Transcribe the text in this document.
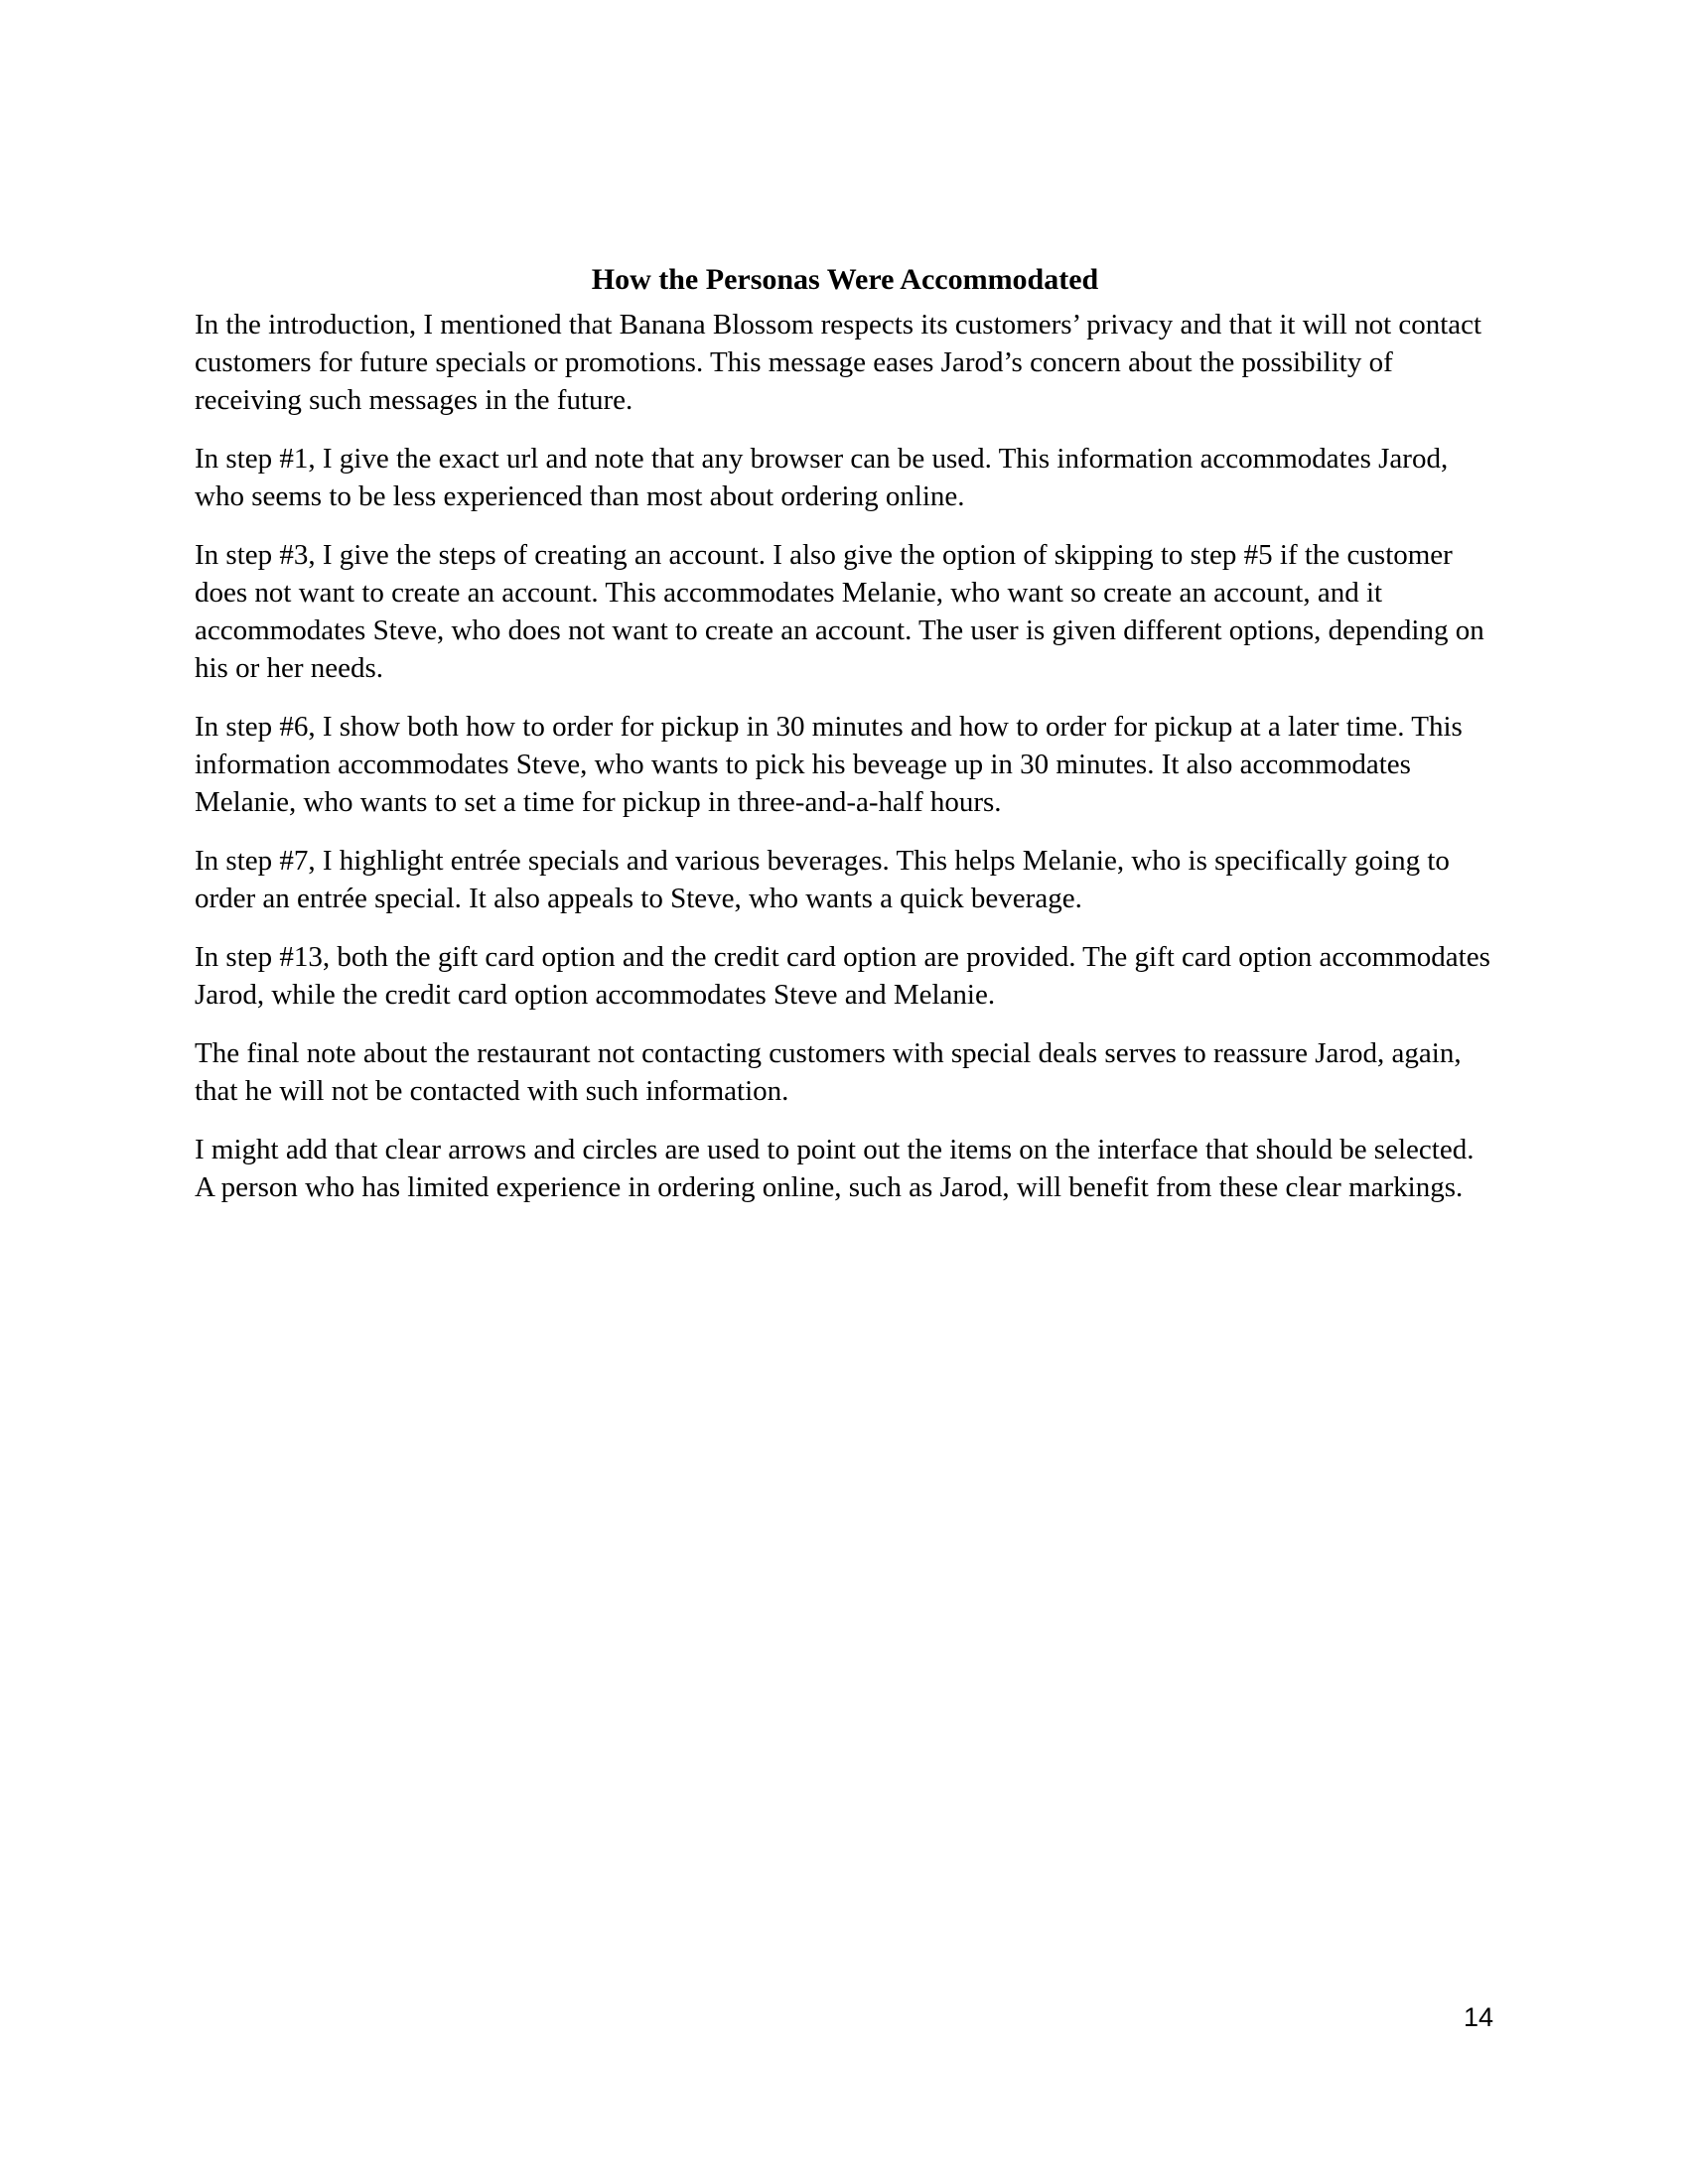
How the Personas Were Accommodated

In the introduction, I mentioned that Banana Blossom respects its customers’ privacy and that it will not contact customers for future specials or promotions. This message eases Jarod’s concern about the possibility of receiving such messages in the future.

In step #1, I give the exact url and note that any browser can be used. This information accommodates Jarod, who seems to be less experienced than most about ordering online.

In step #3, I give the steps of creating an account. I also give the option of skipping to step #5 if the customer does not want to create an account. This accommodates Melanie, who want so create an account, and it accommodates Steve, who does not want to create an account. The user is given different options, depending on his or her needs.

In step #6, I show both how to order for pickup in 30 minutes and how to order for pickup at a later time. This information accommodates Steve, who wants to pick his beveage up in 30 minutes. It also accommodates Melanie, who wants to set a time for pickup in three-and-a-half hours.

In step #7, I highlight entrée specials and various beverages. This helps Melanie, who is specifically going to order an entrée special. It also appeals to Steve, who wants a quick beverage.

In step #13, both the gift card option and the credit card option are provided. The gift card option accommodates Jarod, while the credit card option accommodates Steve and Melanie.

The final note about the restaurant not contacting customers with special deals serves to reassure Jarod, again, that he will not be contacted with such information.

I might add that clear arrows and circles are used to point out the items on the interface that should be selected. A person who has limited experience in ordering online, such as Jarod, will benefit from these clear markings.

14
